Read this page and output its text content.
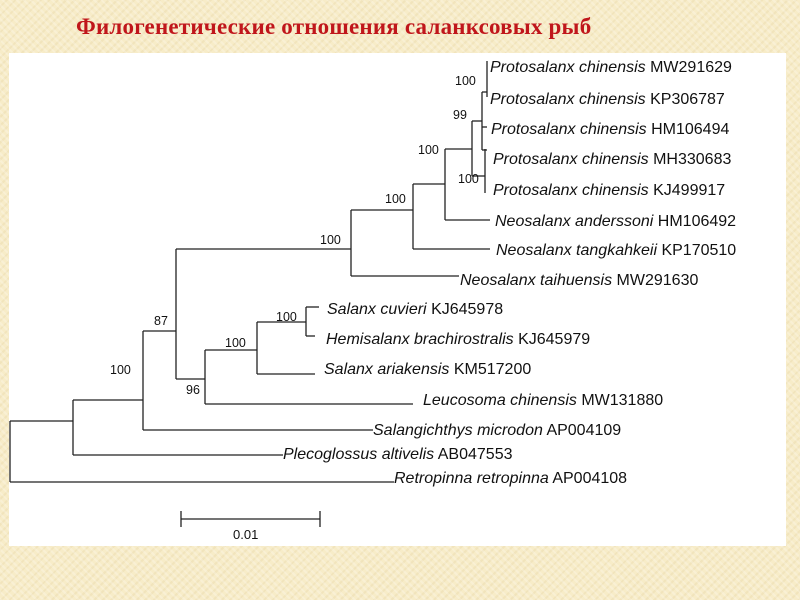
Филогенетические отношения саланксовых рыб
100
99
100
100
100
100
87	100
100
96
100
Protosalanx chinensis MW291629
Protosalanx chinensis KP306787
Protosalanx chinensis HM106494
Protosalanx chinensis MH330683
Protosalanx chinensis KJ499917
Neosalanx anderssoni HM106492
Neosalanx tangkahkeii KP170510
Neosalanx taihuensis MW291630
Salanx cuvieri KJ645978
Hemisalanx brachirostralis KJ645979
Salanx ariakensis KM517200
Leucosoma chinensis MW131880
Salangichthys microdon AP004109
Plecoglossus altivelis AB047553
Retropinna retropinna AP004108
0.01
